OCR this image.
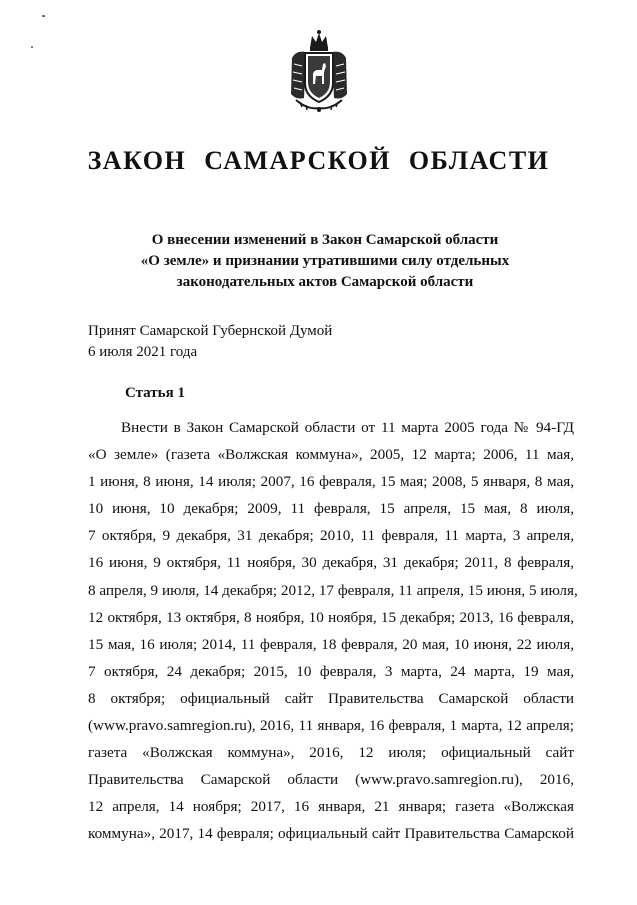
ЗАКОН САМАРСКОЙ ОБЛАСТИ
О внесении изменений в Закон Самарской области
«О земле» и признании утратившими силу отдельных
законодательных актов Самарской области
Принят Самарской Губернской Думой
6 июля 2021 года
Статья 1
Внести в Закон Самарской области от 11 марта 2005 года № 94-ГД
«О земле» (газета «Волжская коммуна», 2005, 12 марта; 2006, 11 мая,
1 июня, 8 июня, 14 июля; 2007, 16 февраля, 15 мая; 2008, 5 января, 8 мая,
10 июня, 10 декабря; 2009, 11 февраля, 15 апреля, 15 мая, 8 июля,
7 октября, 9 декабря, 31 декабря; 2010, 11 февраля, 11 марта, 3 апреля,
16 июня, 9 октября, 11 ноября, 30 декабря, 31 декабря; 2011, 8 февраля,
8 апреля, 9 июля, 14 декабря; 2012, 17 февраля, 11 апреля, 15 июня, 5 июля,
12 октября, 13 октября, 8 ноября, 10 ноября, 15 декабря; 2013, 16 февраля,
15 мая, 16 июля; 2014, 11 февраля, 18 февраля, 20 мая, 10 июня, 22 июля,
7 октября, 24 декабря; 2015, 10 февраля, 3 марта, 24 марта, 19 мая,
8 октября; официальный сайт Правительства Самарской области
(www.pravo.samregion.ru), 2016, 11 января, 16 февраля, 1 марта, 12 апреля;
газета «Волжская коммуна», 2016, 12 июля; официальный сайт
Правительства Самарской области (www.pravo.samregion.ru), 2016,
12 апреля, 14 ноября; 2017, 16 января, 21 января; газета «Волжская
коммуна», 2017, 14 февраля; официальный сайт Правительства Самарской
